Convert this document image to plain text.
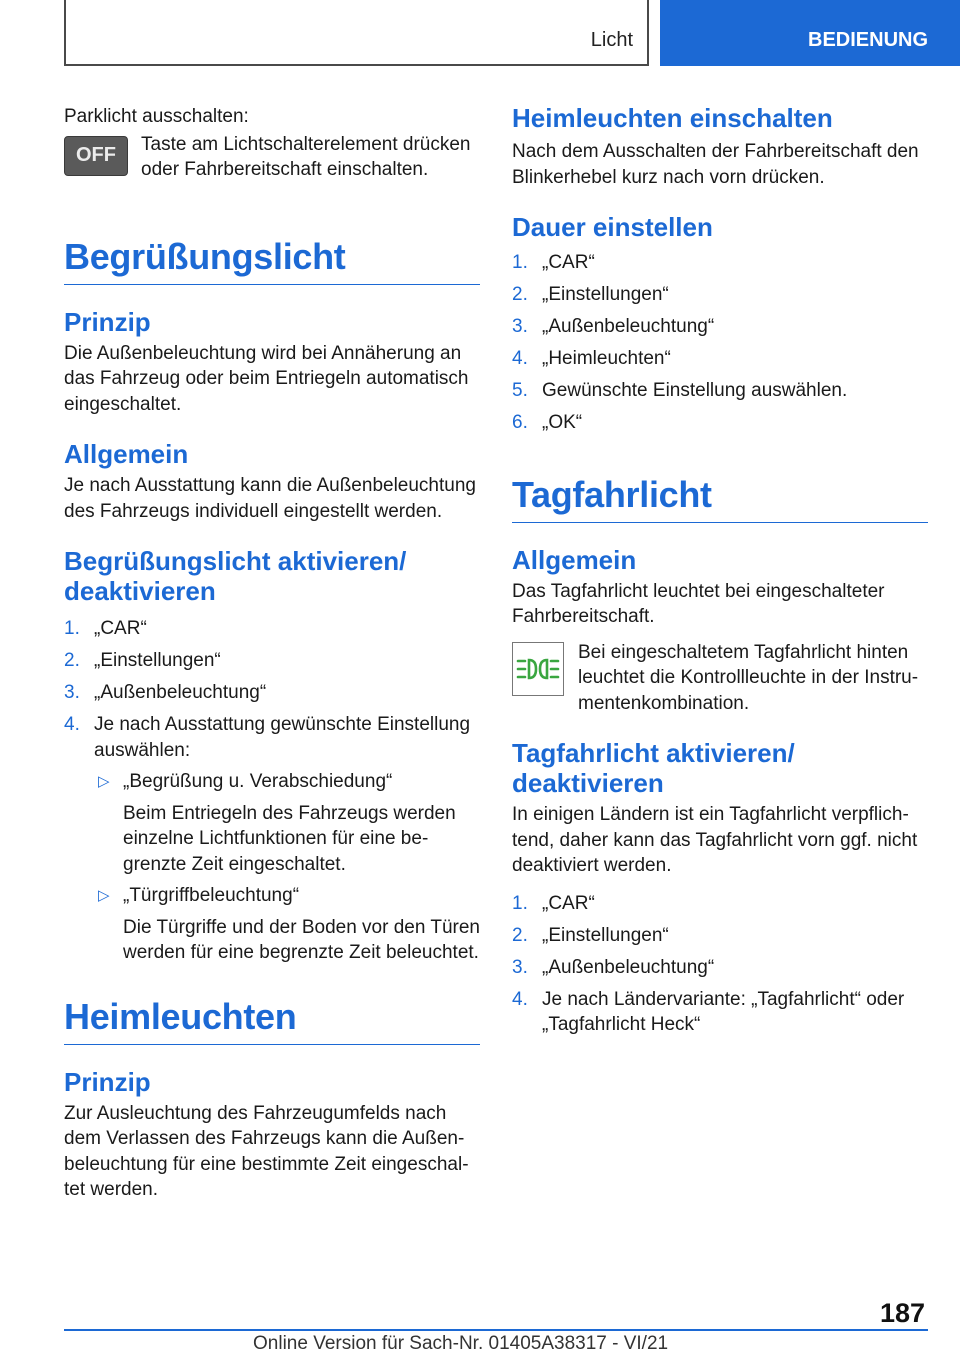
Licht	BEDIENUNG

Parklicht ausschalten:

OFF Taste am Lichtschalterelement drücken oder Fahrbereitschaft einschalten.

Begrüßungslicht
Prinzip

Die Außenbeleuchtung wird bei Annäherung an das Fahrzeug oder beim Entriegeln automatisch eingeschaltet.

Allgemein

Je nach Ausstattung kann die Außenbeleuchtung des Fahrzeugs individuell eingestellt werden.

Begrüßungslicht aktivieren/ deaktivieren
1. „CAR“
2. „Einstellungen“
3. „Außenbeleuchtung“
4. Je nach Ausstattung gewünschte Einstellung auswählen:
▷ „Begrüßung u. Verabschiedung“
Beim Entriegeln des Fahrzeugs werden einzelne Lichtfunktionen für eine begrenzte Zeit eingeschaltet.
▷ „Türgriffbeleuchtung“
Die Türgriffe und der Boden vor den Türen werden für eine begrenzte Zeit beleuchtet.
Heimleuchten
Prinzip

Zur Ausleuchtung des Fahrzeugumfelds nach dem Verlassen des Fahrzeugs kann die Außenbeleuchtung für eine bestimmte Zeit eingeschaltet werden.

Heimleuchten einschalten

Nach dem Ausschalten der Fahrbereitschaft den Blinkerhebel kurz nach vorn drücken.

Dauer einstellen
1. „CAR“
2. „Einstellungen“
3. „Außenbeleuchtung“
4. „Heimleuchten“
5. Gewünschte Einstellung auswählen.
6. „OK“
Tagfahrlicht
Allgemein

Das Tagfahrlicht leuchtet bei eingeschalteter Fahrbereitschaft.

Bei eingeschaltetem Tagfahrlicht hinten leuchtet die Kontrollleuchte in der Instrumentenkombination.

Tagfahrlicht aktivieren/ deaktivieren

In einigen Ländern ist ein Tagfahrlicht verpflichtend, daher kann das Tagfahrlicht vorn ggf. nicht deaktiviert werden.

1. „CAR“
2. „Einstellungen“
3. „Außenbeleuchtung“
4. Je nach Ländervariante: „Tagfahrlicht“ oder „Tagfahrlicht Heck“
187
Online Version für Sach-Nr. 01405A38317 - VI/21
